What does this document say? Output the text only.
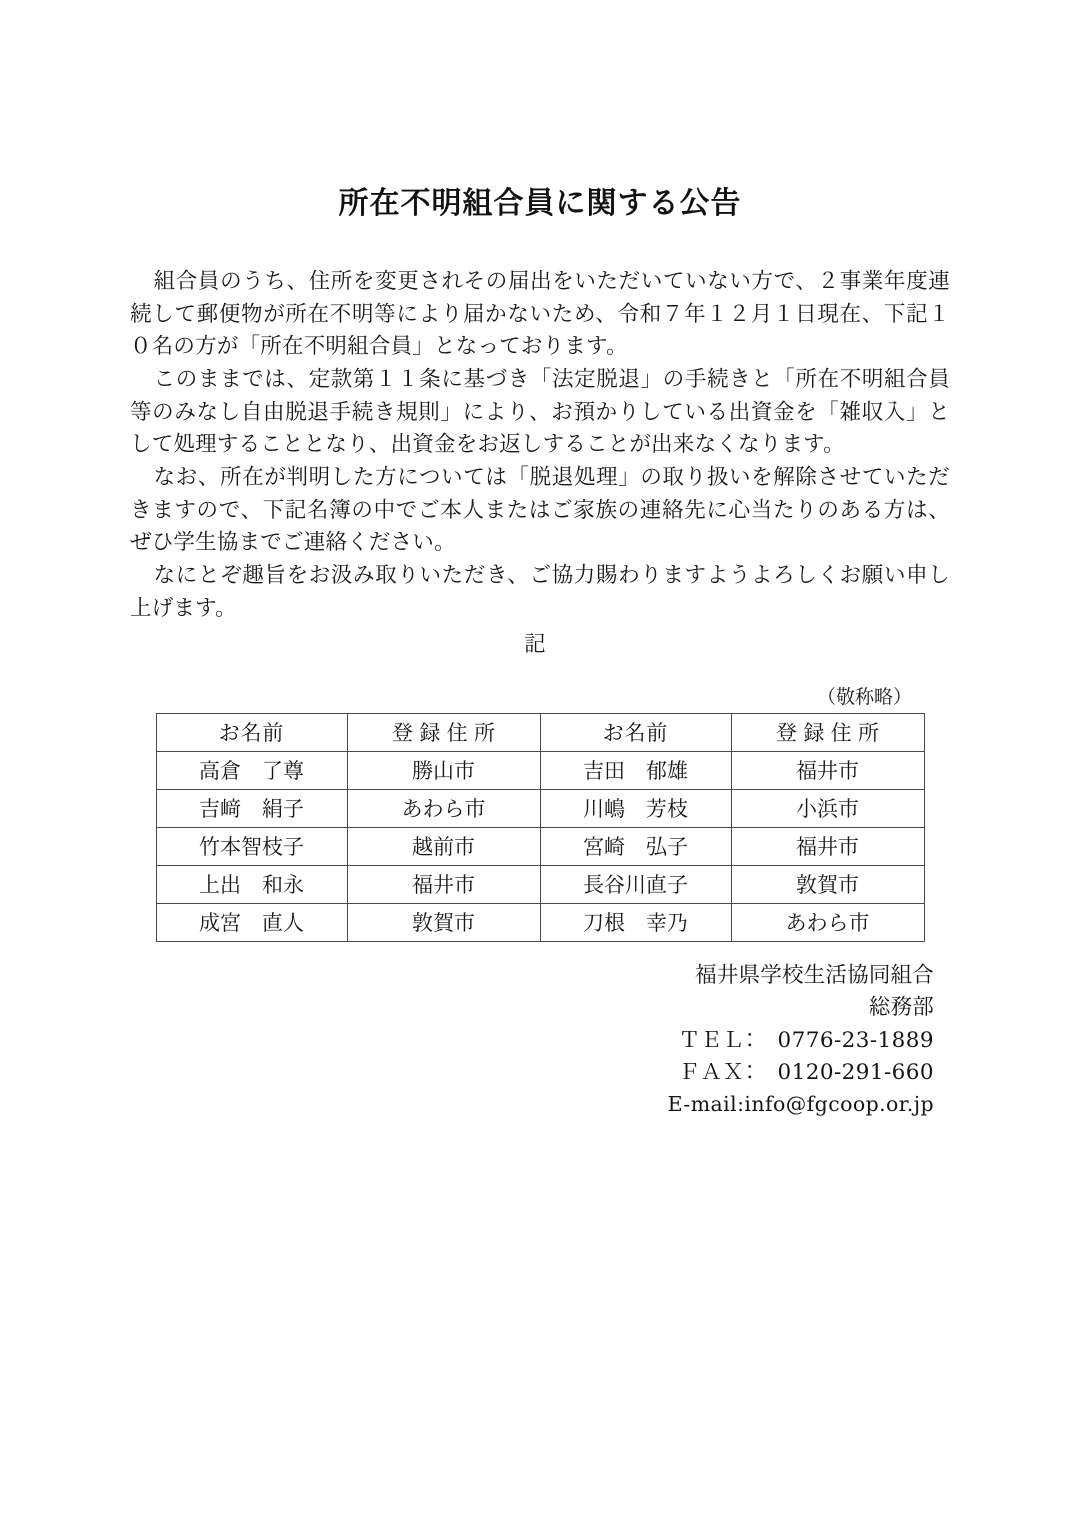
所在不明組合員に関する公告

組合員のうち、住所を変更されその届出をいただいていない方で、２事業年度連続して郵便物が所在不明等により届かないため、令和７年１２月１日現在、下記１０名の方が「所在不明組合員」となっております。

このままでは、定款第１１条に基づき「法定脱退」の手続きと「所在不明組合員等のみなし自由脱退手続き規則」により、お預かりしている出資金を「雑収入」として処理することとなり、出資金をお返しすることが出来なくなります。

なお、所在が判明した方については「脱退処理」の取り扱いを解除させていただきますので、下記名簿の中でご本人またはご家族の連絡先に心当たりのある方は、ぜひ学生協までご連絡ください。

なにとぞ趣旨をお汲み取りいただき、ご協力賜わりますようよろしくお願い申し上げます。

記
（敬称略）
お名前	登録住所	お名前	登録住所
高倉　了尊	勝山市	吉田　郁雄	福井市
吉﨑　絹子	あわら市	川嶋　芳枝	小浜市
竹本智枝子	越前市	宮崎　弘子	福井市
上出　和永	福井市	長谷川直子	敦賀市
成宮　直人	敦賀市	刀根　幸乃	あわら市
福井県学校生活協同組合
総務部
ＴＥＬ：　0776-23-1889
ＦＡＸ：　0120-291-660
E-mail:info@fgcoop.or.jp
